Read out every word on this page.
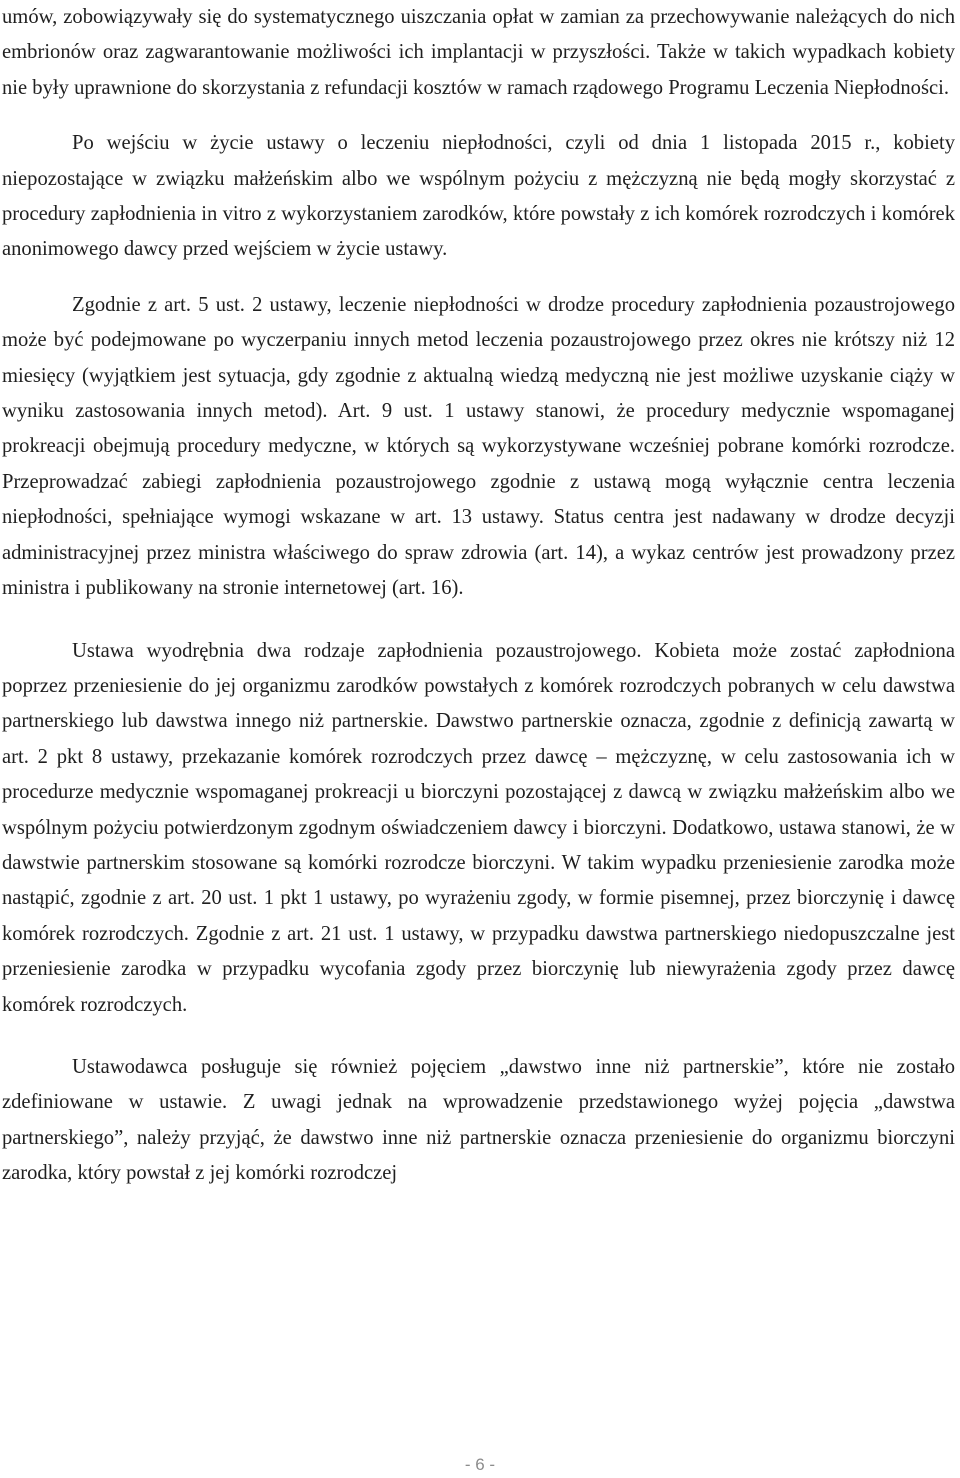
umów, zobowiązywały się do systematycznego uiszczania opłat w zamian za przechowywanie należących do nich embrionów oraz zagwarantowanie możliwości ich implantacji w przyszłości. Także w takich wypadkach kobiety nie były uprawnione do skorzystania z refundacji kosztów w ramach rządowego Programu Leczenia Niepłodności.

Po wejściu w życie ustawy o leczeniu niepłodności, czyli od dnia 1 listopada 2015 r., kobiety niepozostające w związku małżeńskim albo we wspólnym pożyciu z mężczyzną nie będą mogły skorzystać z procedury zapłodnienia in vitro z wykorzystaniem zarodków, które powstały z ich komórek rozrodczych i komórek anonimowego dawcy przed wejściem w życie ustawy.

Zgodnie z art. 5 ust. 2 ustawy, leczenie niepłodności w drodze procedury zapłodnienia pozaustrojowego może być podejmowane po wyczerpaniu innych metod leczenia pozaustrojowego przez okres nie krótszy niż 12 miesięcy (wyjątkiem jest sytuacja, gdy zgodnie z aktualną wiedzą medyczną nie jest możliwe uzyskanie ciąży w wyniku zastosowania innych metod). Art. 9 ust. 1 ustawy stanowi, że procedury medycznie wspomaganej prokreacji obejmują procedury medyczne, w których są wykorzystywane wcześniej pobrane komórki rozrodcze. Przeprowadzać zabiegi zapłodnienia pozaustrojowego zgodnie z ustawą mogą wyłącznie centra leczenia niepłodności, spełniające wymogi wskazane w art. 13 ustawy. Status centra jest nadawany w drodze decyzji administracyjnej przez ministra właściwego do spraw zdrowia (art. 14), a wykaz centrów jest prowadzony przez ministra i publikowany na stronie internetowej (art. 16).

Ustawa wyodrębnia dwa rodzaje zapłodnienia pozaustrojowego. Kobieta może zostać zapłodniona poprzez przeniesienie do jej organizmu zarodków powstałych z komórek rozrodczych pobranych w celu dawstwa partnerskiego lub dawstwa innego niż partnerskie. Dawstwo partnerskie oznacza, zgodnie z definicją zawartą w art. 2 pkt 8 ustawy, przekazanie komórek rozrodczych przez dawcę – mężczyznę, w celu zastosowania ich w procedurze medycznie wspomaganej prokreacji u biorczyni pozostającej z dawcą w związku małżeńskim albo we wspólnym pożyciu potwierdzonym zgodnym oświadczeniem dawcy i biorczyni. Dodatkowo, ustawa stanowi, że w dawstwie partnerskim stosowane są komórki rozrodcze biorczyni. W takim wypadku przeniesienie zarodka może nastąpić, zgodnie z art. 20 ust. 1 pkt 1 ustawy, po wyrażeniu zgody, w formie pisemnej, przez biorczynię i dawcę komórek rozrodczych. Zgodnie z art. 21 ust. 1 ustawy, w przypadku dawstwa partnerskiego niedopuszczalne jest przeniesienie zarodka w przypadku wycofania zgody przez biorczynię lub niewyrażenia zgody przez dawcę komórek rozrodczych.

Ustawodawca posługuje się również pojęciem „dawstwo inne niż partnerskie”, które nie zostało zdefiniowane w ustawie. Z uwagi jednak na wprowadzenie przedstawionego wyżej pojęcia „dawstwa partnerskiego”, należy przyjąć, że dawstwo inne niż partnerskie oznacza przeniesienie do organizmu biorczyni zarodka, który powstał z jej komórki rozrodczej

- 6 -
